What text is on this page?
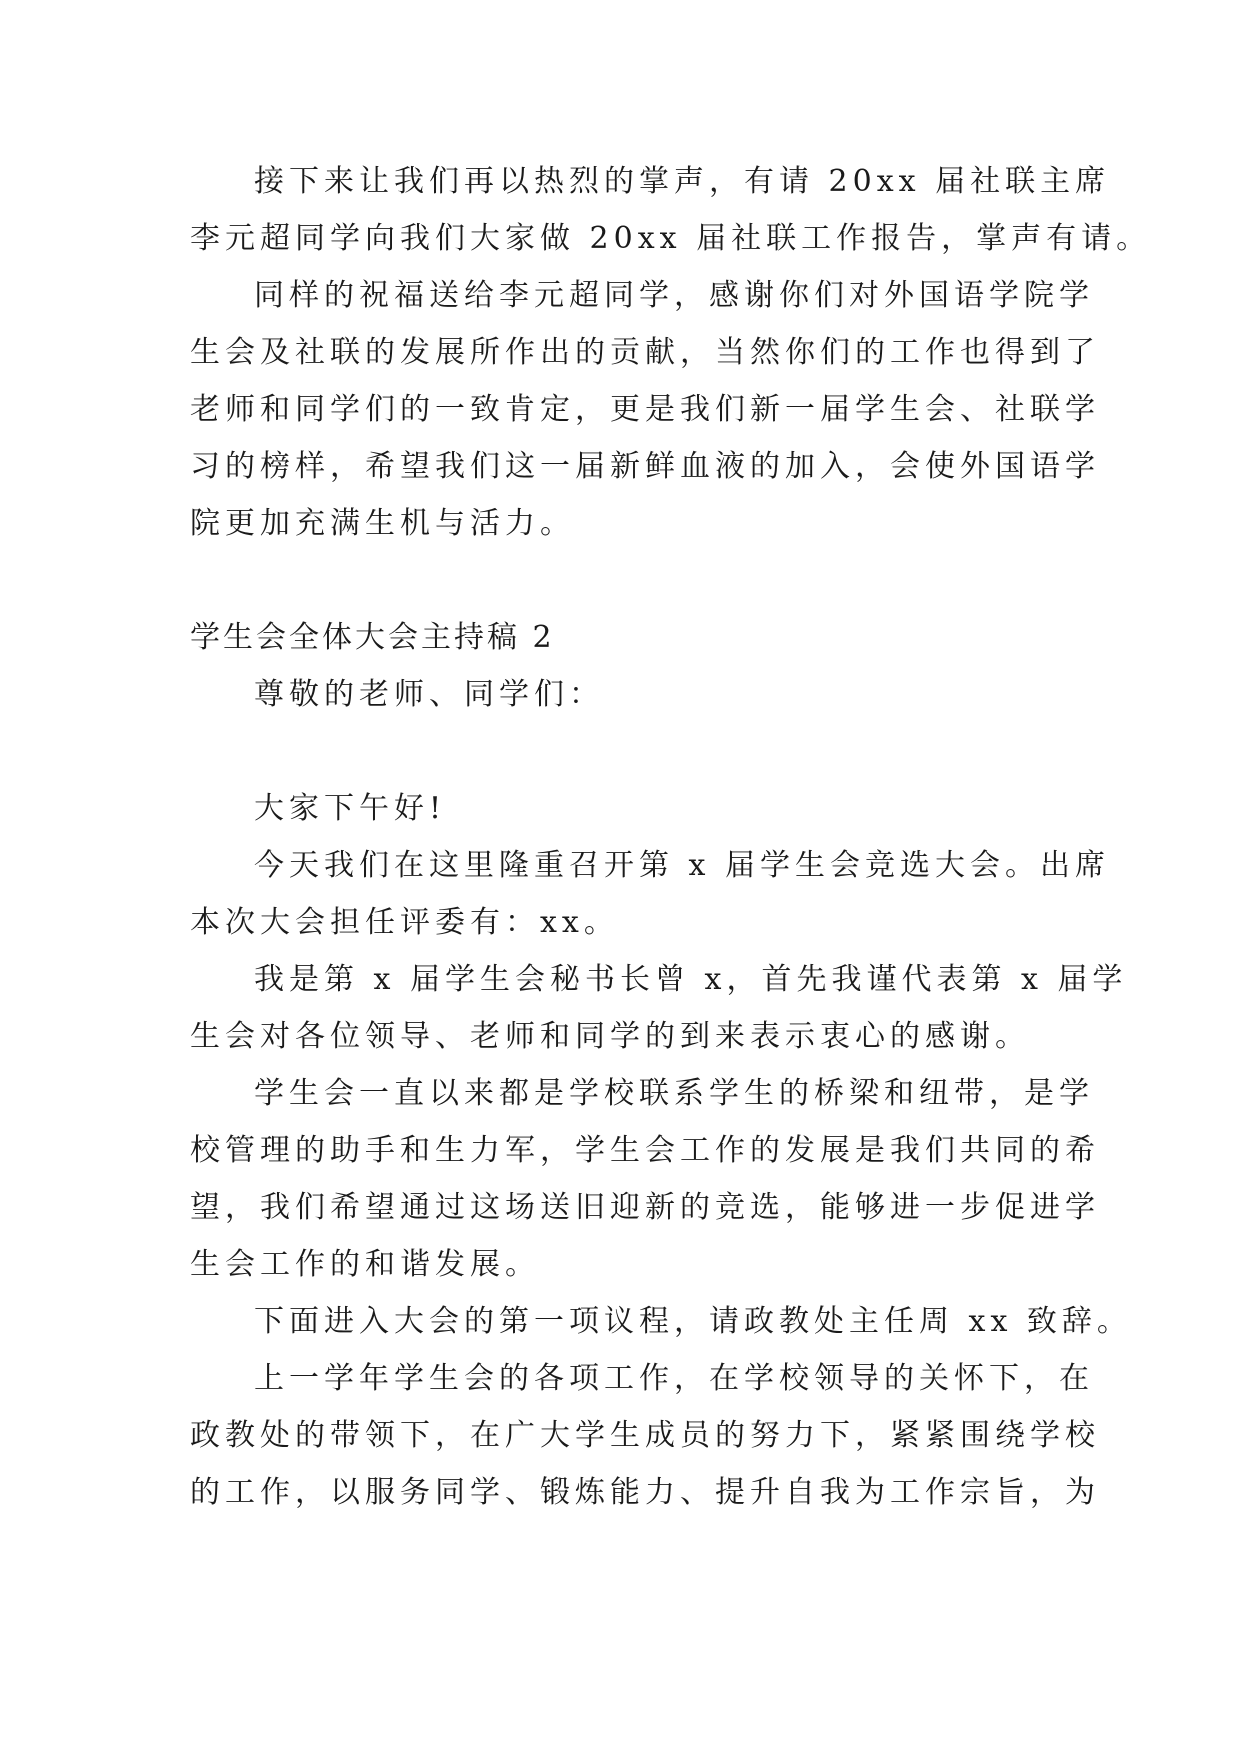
接下来让我们再以热烈的掌声，有请 20xx 届社联主席
李元超同学向我们大家做 20xx 届社联工作报告，掌声有请。
同样的祝福送给李元超同学，感谢你们对外国语学院学
生会及社联的发展所作出的贡献，当然你们的工作也得到了
老师和同学们的一致肯定，更是我们新一届学生会、社联学
习的榜样，希望我们这一届新鲜血液的加入，会使外国语学
院更加充满生机与活力。
学生会全体大会主持稿 2
尊敬的老师、同学们：
大家下午好!
今天我们在这里隆重召开第 x 届学生会竞选大会。出席
本次大会担任评委有：xx。
我是第 x 届学生会秘书长曾 x，首先我谨代表第 x 届学
生会对各位领导、老师和同学的到来表示衷心的感谢。
学生会一直以来都是学校联系学生的桥梁和纽带，是学
校管理的助手和生力军，学生会工作的发展是我们共同的希
望，我们希望通过这场送旧迎新的竞选，能够进一步促进学
生会工作的和谐发展。
下面进入大会的第一项议程，请政教处主任周 xx 致辞。
上一学年学生会的各项工作，在学校领导的关怀下，在
政教处的带领下，在广大学生成员的努力下，紧紧围绕学校
的工作，以服务同学、锻炼能力、提升自我为工作宗旨，为
